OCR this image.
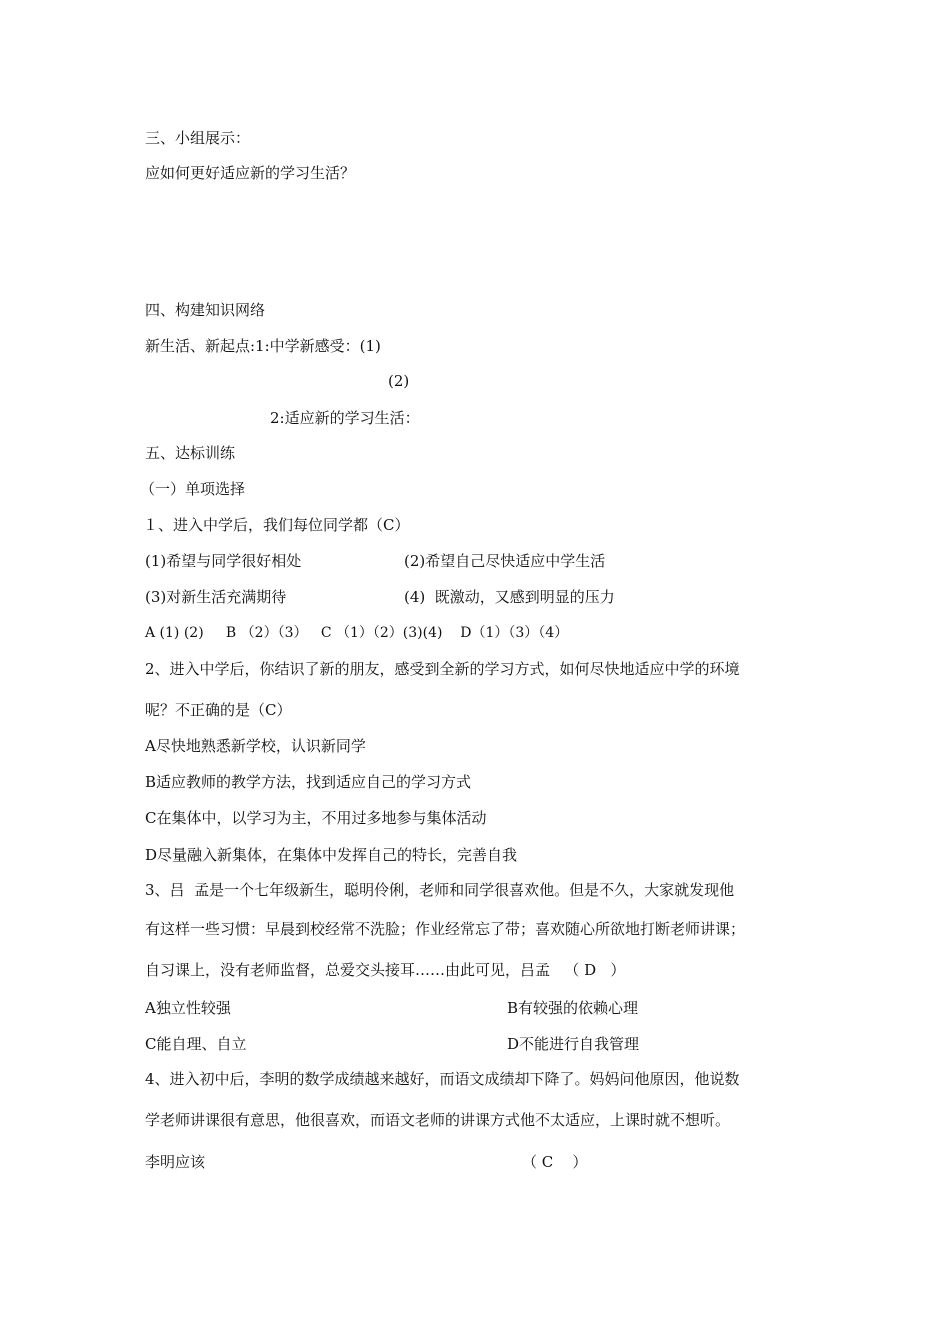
三、小组展示：
应如何更好适应新的学习生活？
四、构建知识网络
新生活、新起点:1:中学新感受：(1)
(2)
2:适应新的学习生活：
五、达标训练
（一）单项选择
１、进入中学后，我们每位同学都（C）
(1)希望与同学很好相处	(2)希望自己尽快适应中学生活
(3)对新生活充满期待	(4)  既激动，又感到明显的压力
A (1) (2)     B （2）（3）   C （1）（2）(3)(4)    D（1）（3）（4）
2、进入中学后，你结识了新的朋友，感受到全新的学习方式，如何尽快地适应中学的环境
呢？不正确的是（C）
A尽快地熟悉新学校，认识新同学
B适应教师的教学方法，找到适应自己的学习方式
C在集体中，以学习为主，不用过多地参与集体活动
D尽量融入新集体，在集体中发挥自己的特长，完善自我
3、吕  孟是一个七年级新生，聪明伶俐，老师和同学很喜欢他。但是不久，大家就发现他
有这样一些习惯：早晨到校经常不洗脸；作业经常忘了带；喜欢随心所欲地打断老师讲课；
自习课上，没有老师监督，总爱交头接耳……由此可见，吕孟   （ D   ）
A独立性较强	B有较强的依赖心理
C能自理、自立	D不能进行自我管理
4、进入初中后，李明的数学成绩越来越好，而语文成绩却下降了。妈妈问他原因，他说数
学老师讲课很有意思，他很喜欢，而语文老师的讲课方式他不太适应，上课时就不想听。
李明应该	（ C    ）
